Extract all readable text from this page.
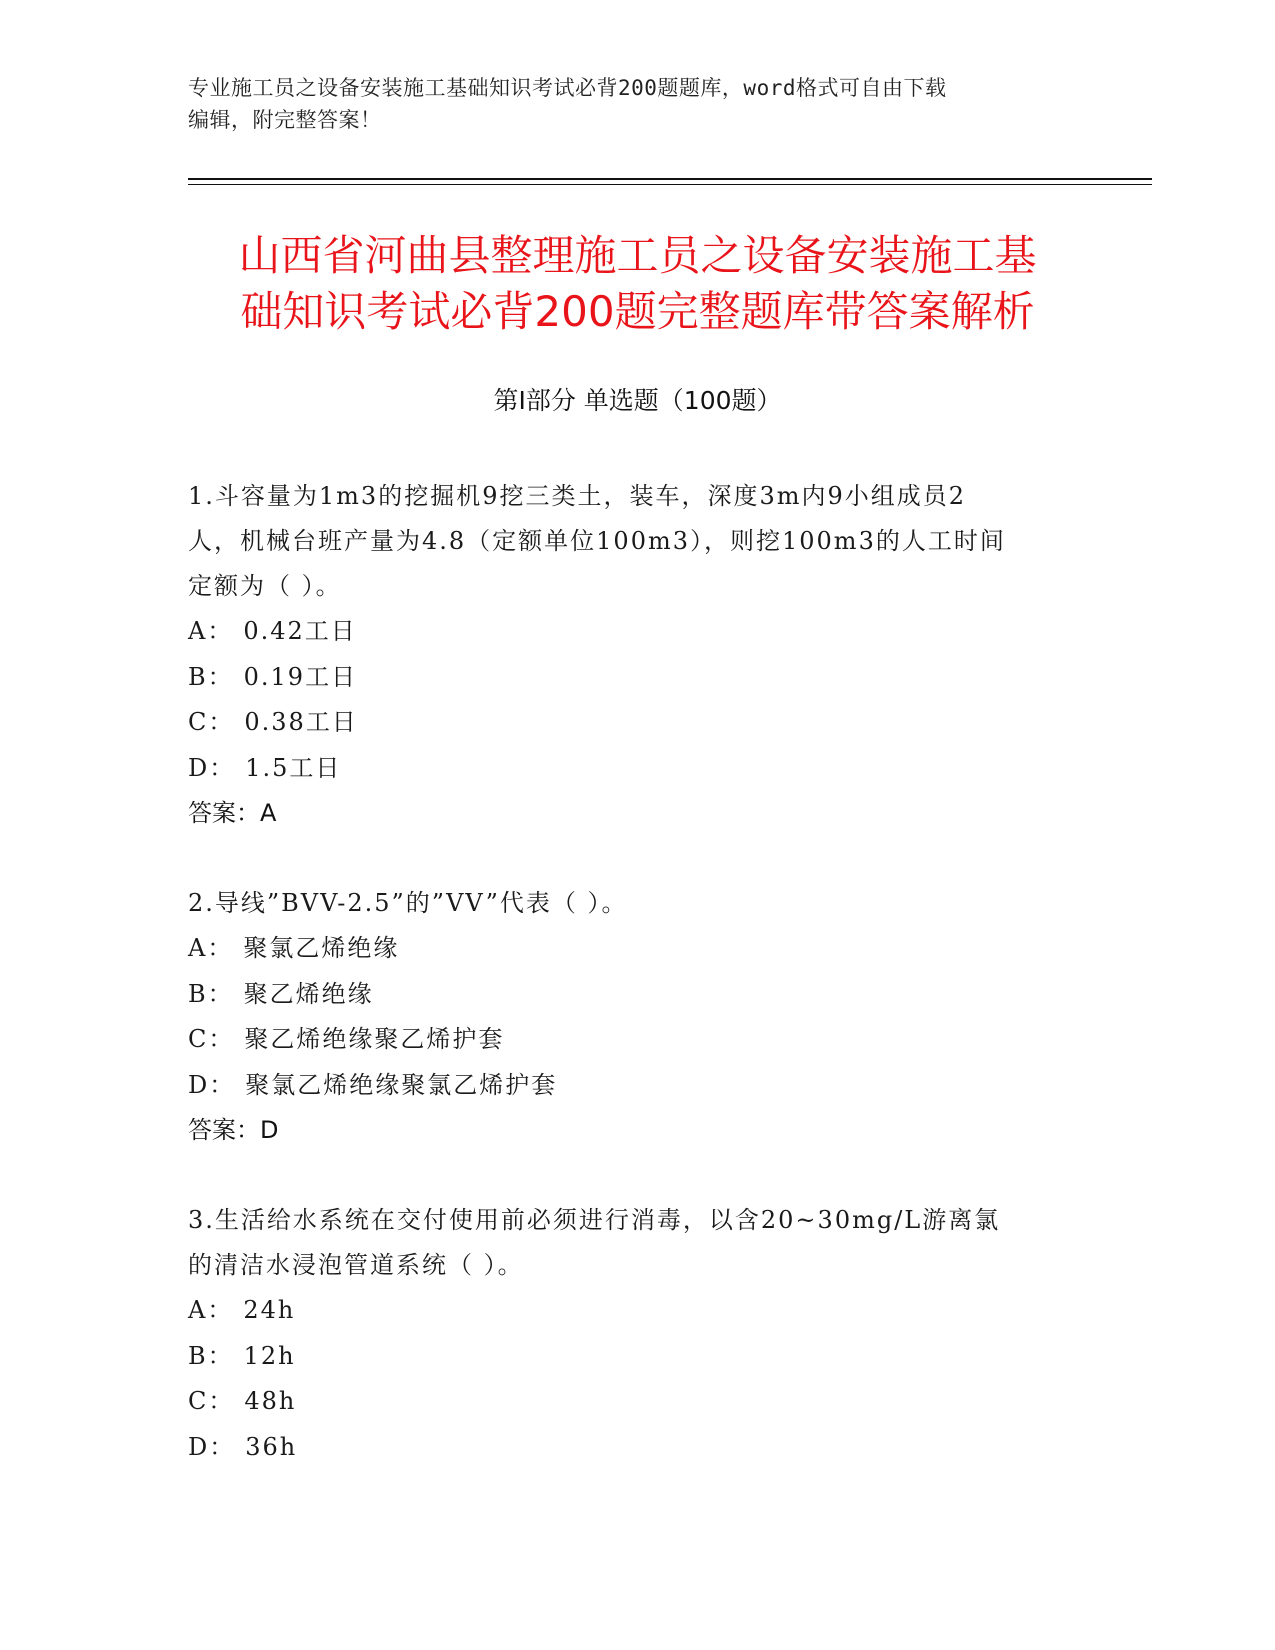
专业施工员之设备安装施工基础知识考试必背200题题库，word格式可自由下载
编辑，附完整答案！
山西省河曲县整理施工员之设备安装施工基
础知识考试必背200题完整题库带答案解析
第Ⅰ部分 单选题（100题）
1.斗容量为1m3的挖掘机9挖三类土，装车，深度3m内9小组成员2
人，机械台班产量为4.8（定额单位100m3），则挖100m3的人工时间
定额为（ ）。
A： 0.42工日
B： 0.19工日
C： 0.38工日
D： 1.5工日
答案：A
2.导线”BVV-2.5”的”VV”代表（ ）。
A： 聚氯乙烯绝缘
B： 聚乙烯绝缘
C： 聚乙烯绝缘聚乙烯护套
D： 聚氯乙烯绝缘聚氯乙烯护套
答案：D
3.生活给水系统在交付使用前必须进行消毒，以含20~30mg/L游离氯
的清洁水浸泡管道系统（ ）。
A： 24h
B： 12h
C： 48h
D： 36h
